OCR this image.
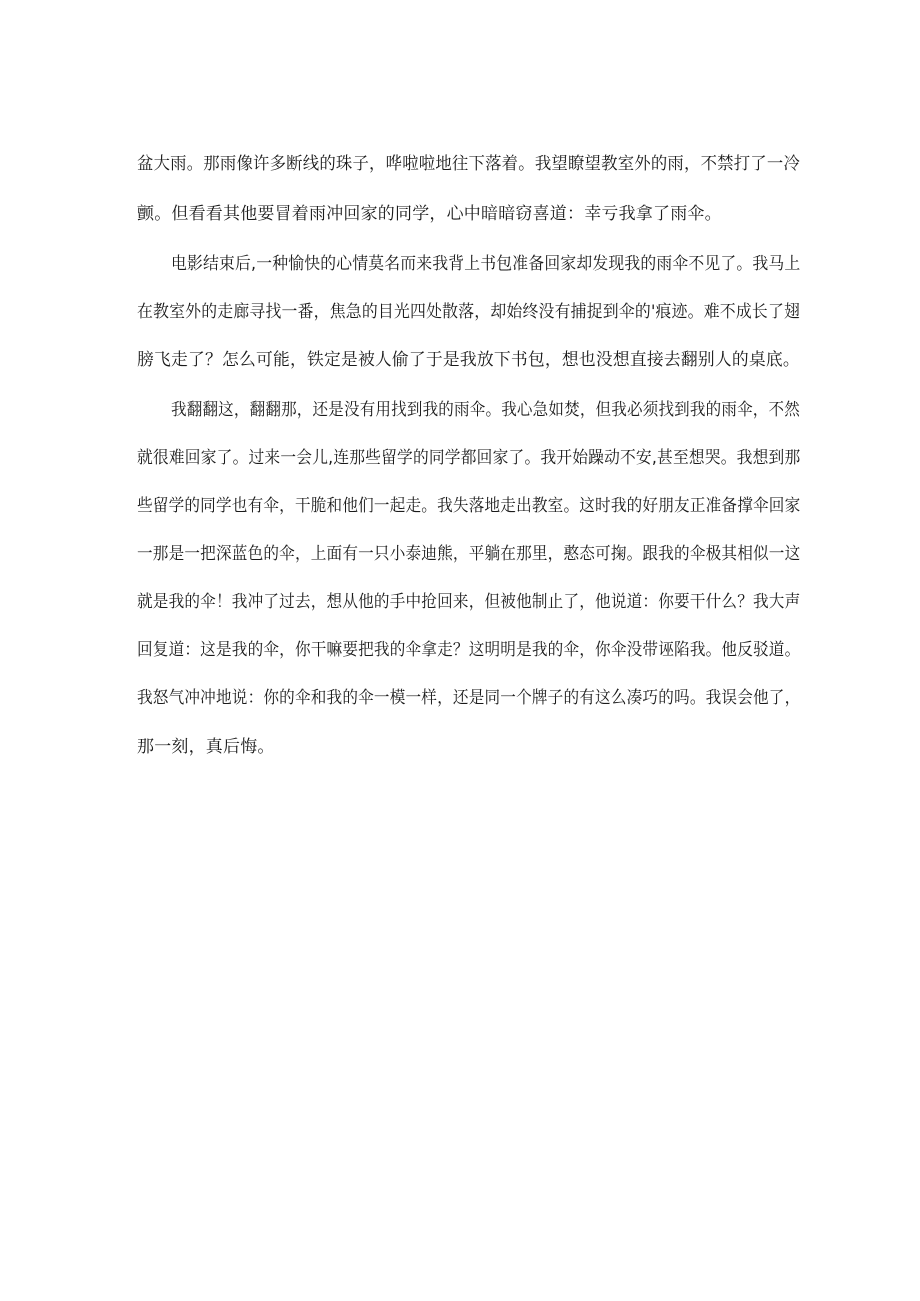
盆大雨。那雨像许多断线的珠子，哗啦啦地往下落着。我望瞭望教室外的雨，不禁打了一冷
颤。但看看其他要冒着雨冲回家的同学，心中暗暗窃喜道：幸亏我拿了雨伞。
电影结束后,一种愉快的心情莫名而来我背上书包准备回家却发现我的雨伞不见了。我马上
在教室外的走廊寻找一番，焦急的目光四处散落，却始终没有捕捉到伞的'痕迹。难不成长了翅
膀飞走了？怎么可能，铁定是被人偷了于是我放下书包，想也没想直接去翻别人的桌底。
我翻翻这，翻翻那，还是没有用找到我的雨伞。我心急如焚，但我必须找到我的雨伞，不然
就很难回家了。过来一会儿,连那些留学的同学都回家了。我开始躁动不安,甚至想哭。我想到那
些留学的同学也有伞，干脆和他们一起走。我失落地走出教室。这时我的好朋友正准备撑伞回家
一那是一把深蓝色的伞，上面有一只小泰迪熊，平躺在那里，憨态可掬。跟我的伞极其相似一这
就是我的伞！我冲了过去，想从他的手中抢回来，但被他制止了，他说道：你要干什么？我大声
回复道：这是我的伞，你干嘛要把我的伞拿走？这明明是我的伞，你伞没带诬陷我。他反驳道。
我怒气冲冲地说：你的伞和我的伞一模一样，还是同一个牌子的有这么凑巧的吗。我误会他了，
那一刻，真后悔。
